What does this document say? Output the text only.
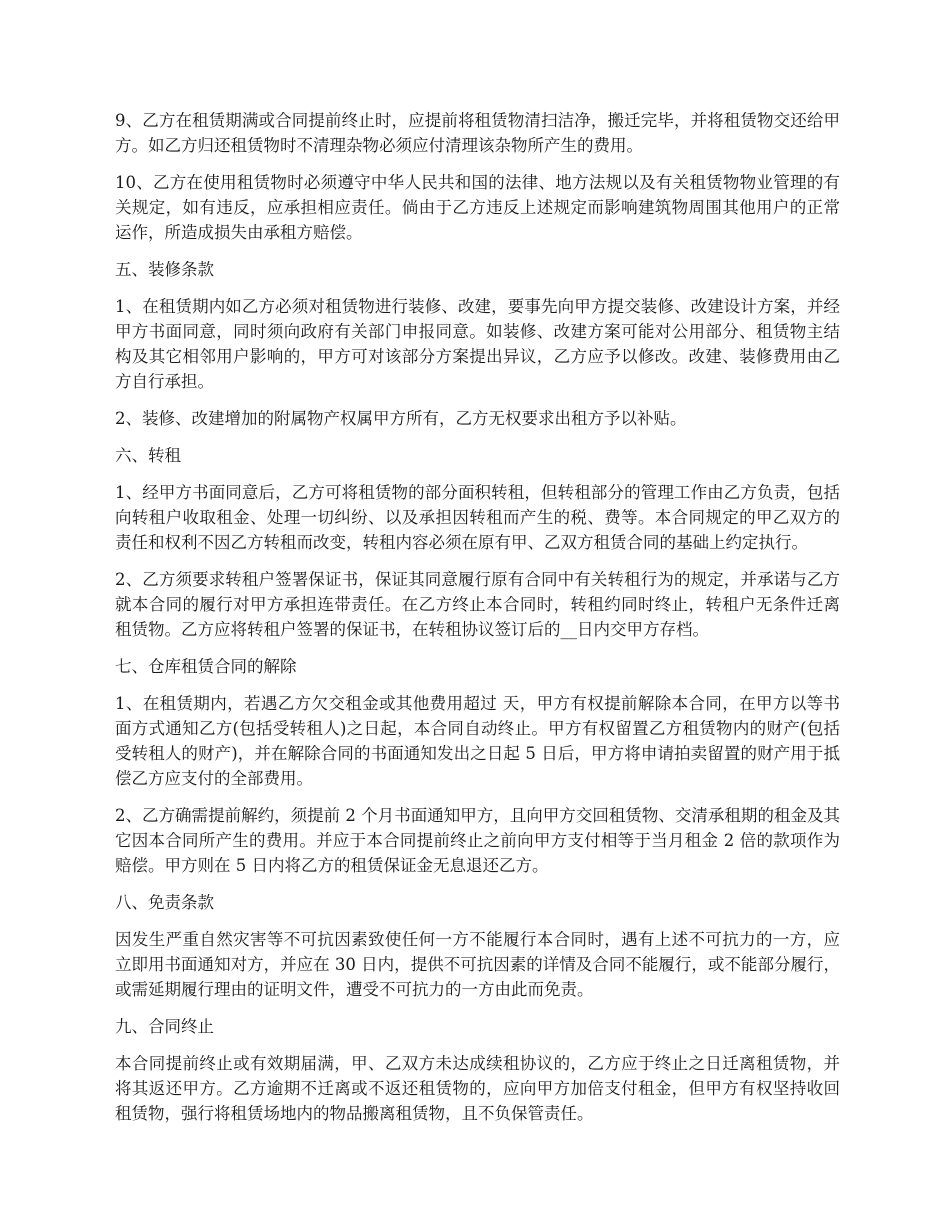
9、乙方在租赁期满或合同提前终止时，应提前将租赁物清扫洁净，搬迁完毕，并将租赁物交还给甲方。如乙方归还租赁物时不清理杂物必须应付清理该杂物所产生的费用。

10、乙方在使用租赁物时必须遵守中华人民共和国的法律、地方法规以及有关租赁物物业管理的有关规定，如有违反，应承担相应责任。倘由于乙方违反上述规定而影响建筑物周围其他用户的正常运作，所造成损失由承租方赔偿。

五、装修条款

1、在租赁期内如乙方必须对租赁物进行装修、改建，要事先向甲方提交装修、改建设计方案，并经甲方书面同意，同时须向政府有关部门申报同意。如装修、改建方案可能对公用部分、租赁物主结构及其它相邻用户影响的，甲方可对该部分方案提出异议，乙方应予以修改。改建、装修费用由乙方自行承担。

2、装修、改建增加的附属物产权属甲方所有，乙方无权要求出租方予以补贴。

六、转租

1、经甲方书面同意后，乙方可将租赁物的部分面积转租，但转租部分的管理工作由乙方负责，包括向转租户收取租金、处理一切纠纷、以及承担因转租而产生的税、费等。本合同规定的甲乙双方的责任和权利不因乙方转租而改变，转租内容必须在原有甲、乙双方租赁合同的基础上约定执行。

2、乙方须要求转租户签署保证书，保证其同意履行原有合同中有关转租行为的规定，并承诺与乙方就本合同的履行对甲方承担连带责任。在乙方终止本合同时，转租约同时终止，转租户无条件迁离租赁物。乙方应将转租户签署的保证书，在转租协议签订后的__日内交甲方存档。

七、仓库租赁合同的解除

1、在租赁期内，若遇乙方欠交租金或其他费用超过 天，甲方有权提前解除本合同，在甲方以等书面方式通知乙方(包括受转租人)之日起，本合同自动终止。甲方有权留置乙方租赁物内的财产(包括受转租人的财产)，并在解除合同的书面通知发出之日起 5 日后，甲方将申请拍卖留置的财产用于抵偿乙方应支付的全部费用。

2、乙方确需提前解约，须提前 2 个月书面通知甲方，且向甲方交回租赁物、交清承租期的租金及其它因本合同所产生的费用。并应于本合同提前终止之前向甲方支付相等于当月租金 2 倍的款项作为赔偿。甲方则在 5 日内将乙方的租赁保证金无息退还乙方。

八、免责条款

因发生严重自然灾害等不可抗因素致使任何一方不能履行本合同时，遇有上述不可抗力的一方，应立即用书面通知对方，并应在 30 日内，提供不可抗因素的详情及合同不能履行，或不能部分履行，或需延期履行理由的证明文件，遭受不可抗力的一方由此而免责。

九、合同终止

本合同提前终止或有效期届满，甲、乙双方未达成续租协议的，乙方应于终止之日迁离租赁物，并将其返还甲方。乙方逾期不迁离或不返还租赁物的，应向甲方加倍支付租金，但甲方有权坚持收回租赁物，强行将租赁场地内的物品搬离租赁物，且不负保管责任。
